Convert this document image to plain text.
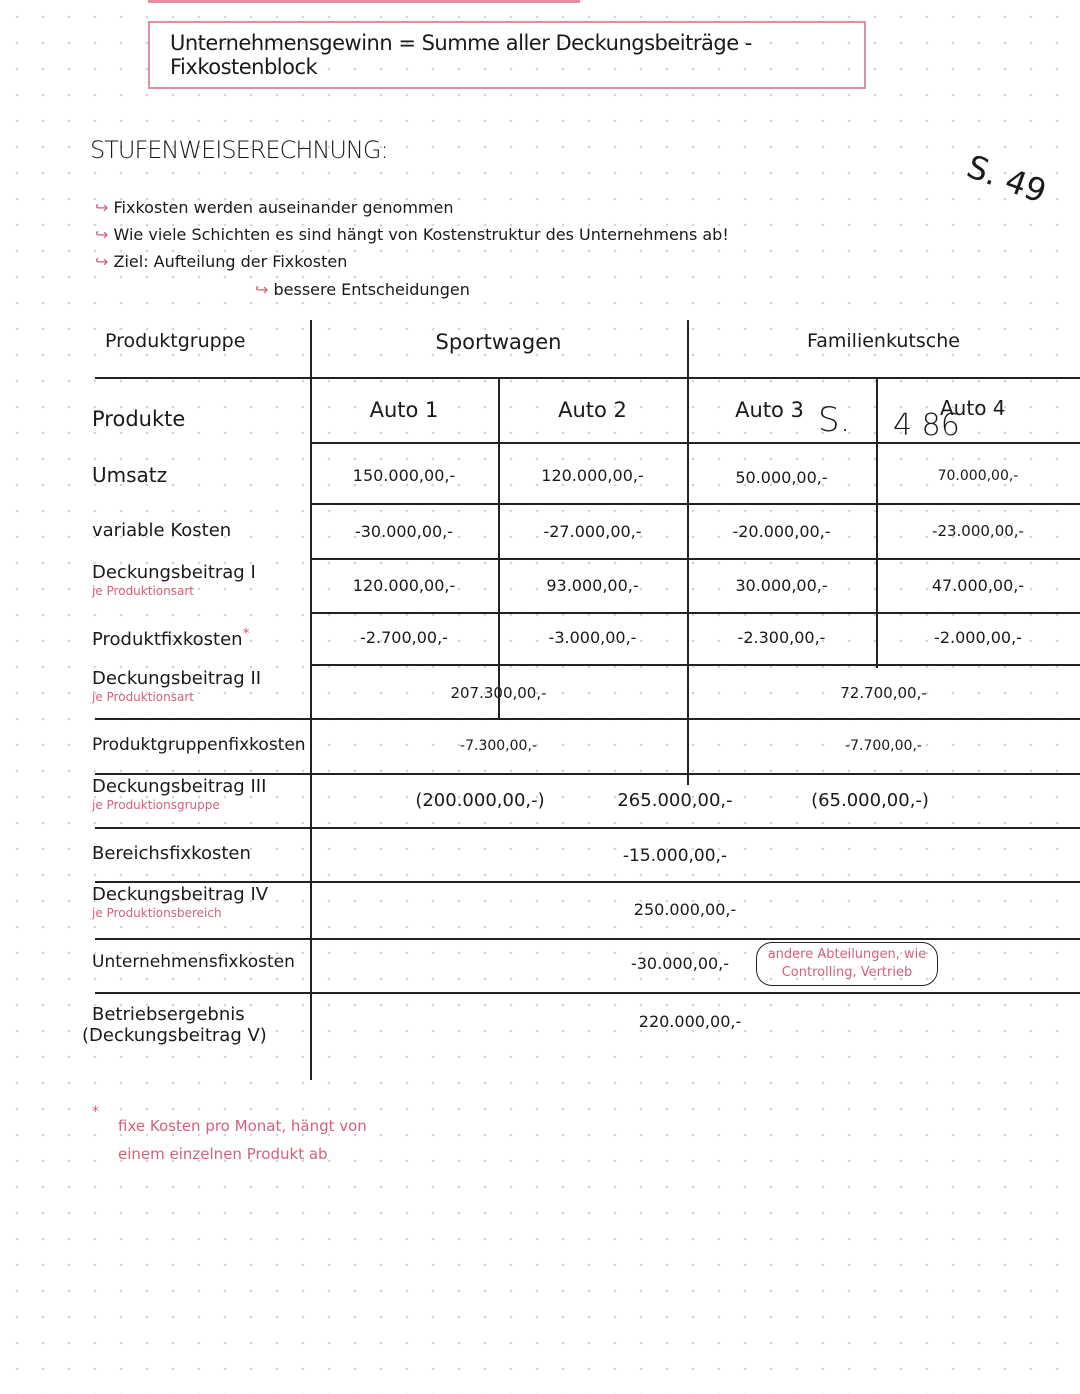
Unternehmensgewinn = Summe aller Deckungsbeiträge - Fixkostenblock
S. 49
STUFENWEISERECHNUNG:
↪ Fixkosten werden auseinander genommen
↪ Wie viele Schichten es sind hängt von Kostenstruktur des Unternehmens ab!
↪ Ziel: Aufteilung der Fixkosten
↪ bessere Entscheidungen
Produktgruppe	Sportwagen	Familienkutsche
Produkte	Auto 1	Auto 2	Auto 3 S.	Auto 4
4 86
Umsatz	150.000,00,-	120.000,00,-	50.000,00,-	70.000,00,-
variable Kosten	-30.000,00,-	-27.000,00,-	-20.000,00,-	-23.000,00,-
Deckungsbeitrag I
je Produktionsart	120.000,00,-	93.000,00,-	30.000,00,-	47.000,00,-
Produktfixkosten*	-2.700,00,-	-3.000,00,-	-2.300,00,-	-2.000,00,-
Deckungsbeitrag II
je Produktionsart	207.300,00,-	72.700,00,-
Produktgruppenfixkosten	-7.300,00,-	-7.700,00,-
Deckungsbeitrag III
je Produktionsgruppe	(200.000,00,-)	265.000,00,-	(65.000,00,-)
Bereichsfixkosten	-15.000,00,-
Deckungsbeitrag IV
je Produktionsbereich	250.000,00,-
Unternehmensfixkosten	-30.000,00,-	andere Abteilungen, wie Controlling, Vertrieb
Betriebsergebnis
(Deckungsbeitrag V)
220.000,00,-
*
fixe Kosten pro Monat, hängt von
einem einzelnen Produkt ab
